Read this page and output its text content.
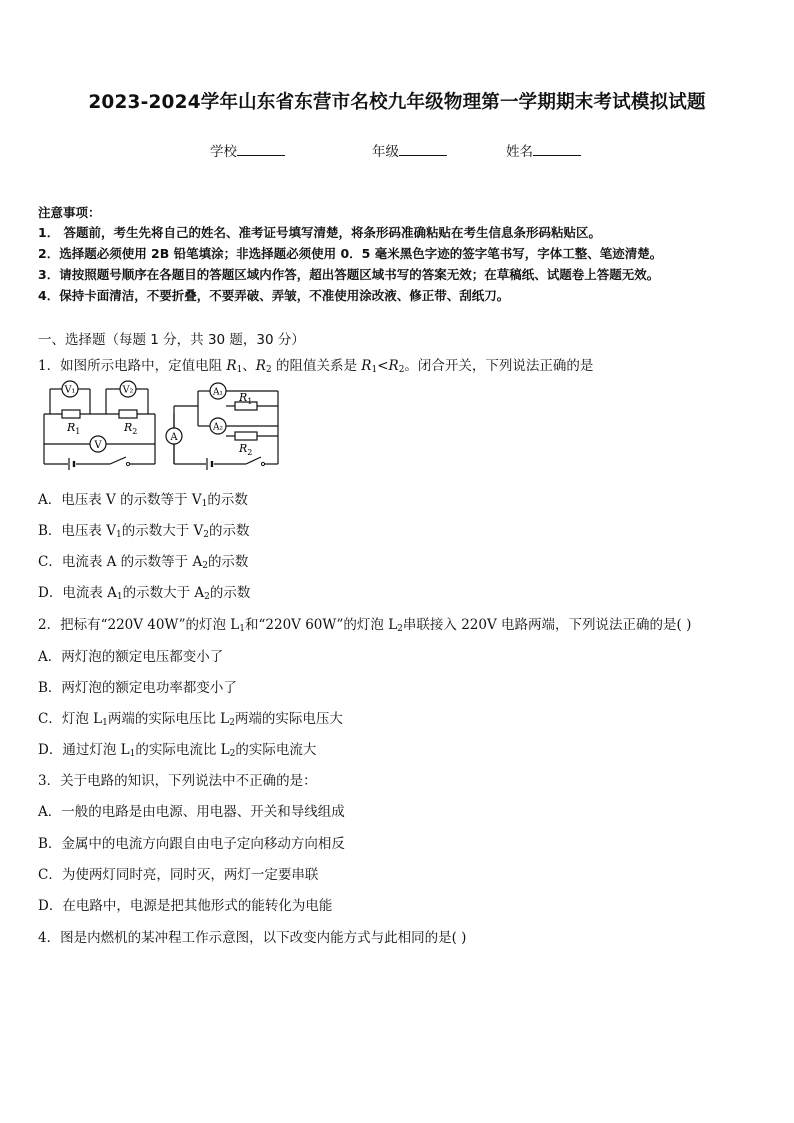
2023-2024学年山东省东营市名校九年级物理第一学期期末考试模拟试题
学校	年级	姓名
注意事项：
1． 答题前，考生先将自己的姓名、准考证号填写清楚，将条形码准确粘贴在考生信息条形码粘贴区。
2．选择题必须使用 2B 铅笔填涂；非选择题必须使用 0．5 毫米黑色字迹的签字笔书写，字体工整、笔迹清楚。
3．请按照题号顺序在各题目的答题区域内作答，超出答题区域书写的答案无效；在草稿纸、试题卷上答题无效。
4．保持卡面清洁，不要折叠，不要弄破、弄皱，不准使用涂改液、修正带、刮纸刀。
一、选择题（每题 1 分，共 30 题，30 分）
1．如图所示电路中，定值电阻 $R_1$、$R_2$ 的阻值关系是 $R_1<R_2$。闭合开关，下列说法正确的是
V₁	V₂
V
$R_1$	$R_2$
A
A₁
A₂
$R_1$
$R_2$
A．电压表 V 的示数等于 $V_1$的示数
B．电压表 $V_1$的示数大于 $V_2$的示数
C．电流表 A 的示数等于 $A_2$的示数
D．电流表 $A_1$的示数大于 $A_2$的示数
2．把标有“220V 40W”的灯泡 $L_1$和“220V 60W”的灯泡 $L_2$串联接入 220V 电路两端，下列说法正确的是( )
A．两灯泡的额定电压都变小了
B．两灯泡的额定电功率都变小了
C．灯泡 $L_1$两端的实际电压比 $L_2$两端的实际电压大
D．通过灯泡 $L_1$的实际电流比 $L_2$的实际电流大
3．关于电路的知识，下列说法中不正确的是：
A．一般的电路是由电源、用电器、开关和导线组成
B．金属中的电流方向跟自由电子定向移动方向相反
C．为使两灯同时亮，同时灭，两灯一定要串联
D．在电路中，电源是把其他形式的能转化为电能
4．图是内燃机的某冲程工作示意图，以下改变内能方式与此相同的是( )
